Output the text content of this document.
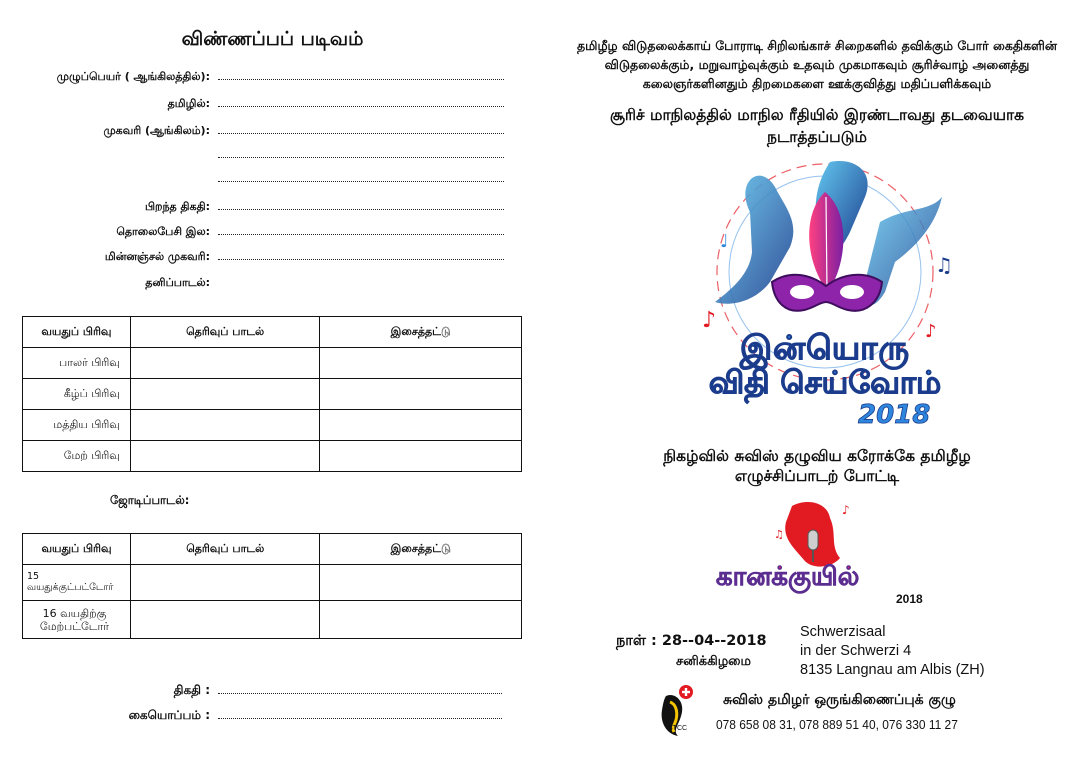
விண்ணப்பப் படிவம்
முழுப்பெயர் ( ஆங்கிலத்தில்):
தமிழில்:
முகவரி (ஆங்கிலம்):
பிறந்த திகதி:
தொலைபேசி இல:
மின்னஞ்சல் முகவரி:
தனிப்பாடல்:
வயதுப் பிரிவு	தெரிவுப் பாடல்	இசைத்தட்டு
பாலர் பிரிவு		
கீழ்ப் பிரிவு		
மத்திய பிரிவு		
மேற் பிரிவு		
ஜோடிப்பாடல்:
வயதுப் பிரிவு	தெரிவுப் பாடல்	இசைத்தட்டு
15 வயதுக்குட்பட்டோர்		
16 வயதிற்கு மேற்பட்டோர்		
திகதி :
கையொப்பம் :
தமிழீழ விடுதலைக்காய் போராடி சிறிலங்காச் சிறைகளில் தவிக்கும் போர் கைதிகளின்
விடுதலைக்கும், மறுவாழ்வுக்கும் உதவும் முகமாகவும் சூரிச்வாழ் அனைத்து
கலைஞர்களினதும் திறமைகளை ஊக்குவித்து மதிப்பளிக்கவும்
சூரிச் மாநிலத்தில் மாநில ரீதியில் இரண்டாவது தடவையாக
நடாத்தப்படும்
♪
♫
♩
♪
இன்யொரு
விதி செய்வோம்
2018
நிகழ்வில் சுவிஸ் தழுவிய கரோக்கே தமிழீழ
எழுச்சிப்பாடற் போட்டி
♪
♫
கானக்குயில்
2018
நாள் : 28--04--2018
சனிக்கிழமை
Schwerzisaal
in der Schwerzi 4
8135 Langnau am Albis (ZH)
STCC
சுவிஸ் தமிழர் ஒருங்கிணைப்புக் குழு
078 658 08 31, 078 889 51 40, 076 330 11 27
